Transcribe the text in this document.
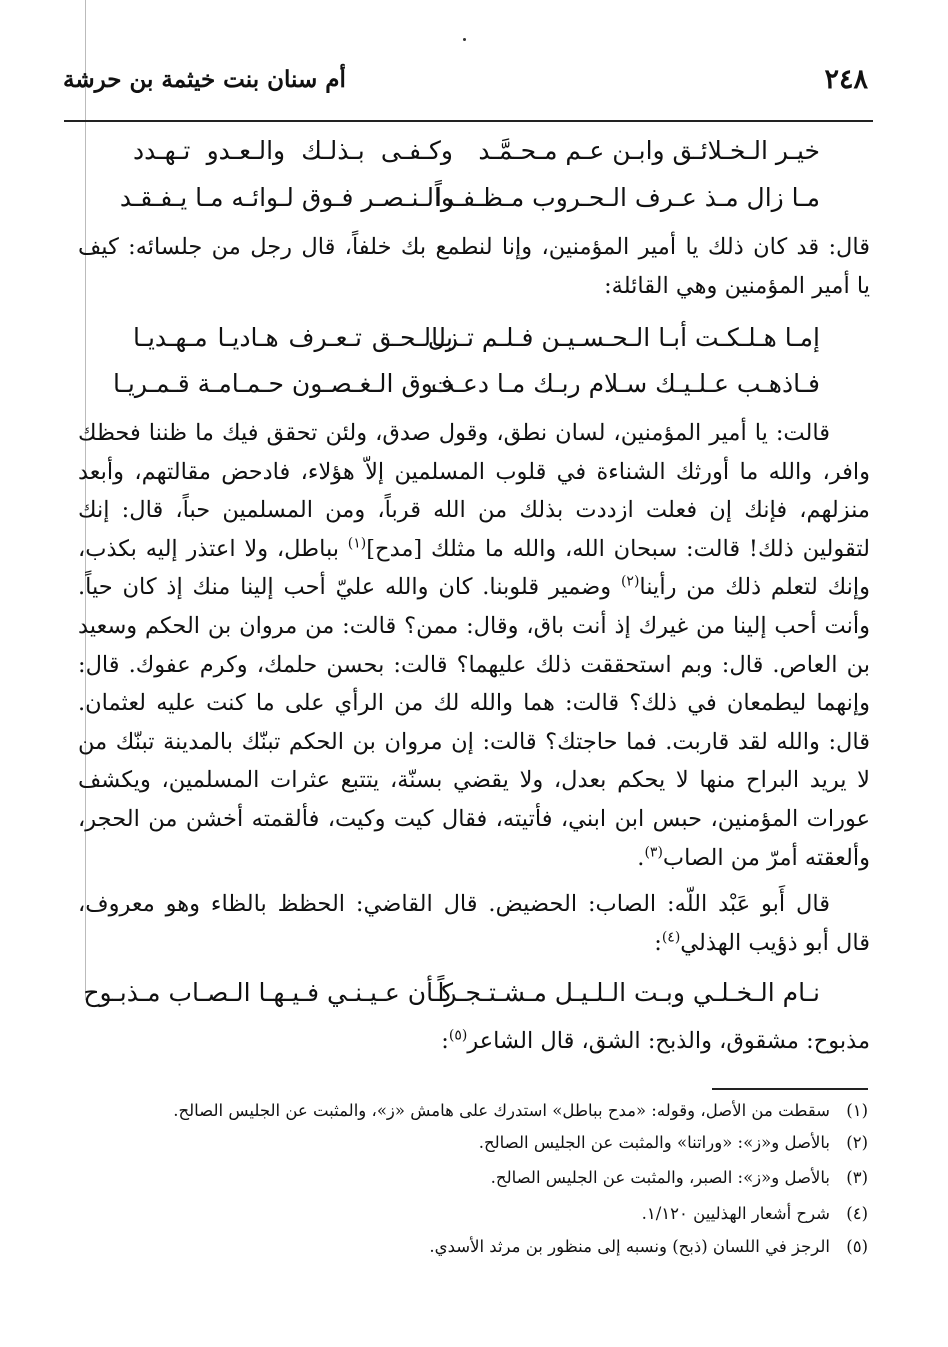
٢٤٨
أم سنان بنت خيثمة بن حرشة
خيـر الـخـلائـق وابـن عـم مـحـمَّـد
وكـفـى بـذلـك والـعـدو تـهـدد
مـا زال مـذ عـرف الـحـروب مـظـفـراً
والـنـصـر فـوق لـوائـه مـا يـفـقـد

قال: قد كان ذلك يا أمير المؤمنين، وإنا لنطمع بك خلفاً، قال رجل من جلسائه: كيف

يا أمير المؤمنين وهي القائلة:

إمـا هـلـكـت أبـا الـحـسـيـن فـلـم تـزل
بـالـحـق تـعـرف هـاديـا مـهـديـا
فـاذهـب عـلـيـك سـلام ربـك مـا دعـت
فـوق الـغـصـون حـمـامـة قـمـريـا

قالت: يا أمير المؤمنين، لسان نطق، وقول صدق، ولئن تحقق فيك ما ظننا فحظك وافر، والله ما أورثك الشناءة في قلوب المسلمين إلاّ هؤلاء، فادحض مقالتهم، وأبعد منزلهم، فإنك إن فعلت ازددت بذلك من الله قرباً، ومن المسلمين حباً، قال: إنك لتقولين ذلك! قالت: سبحان الله، والله ما مثلك [مدح]$^{(١)}$ بباطل، ولا اعتذر إليه بكذب، وإنك لتعلم ذلك من رأينا$^{(٢)}$ وضمير قلوبنا. كان والله عليّ أحب إلينا منك إذ كان حياً. وأنت أحب إلينا من غيرك إذ أنت باق، وقال: ممن؟ قالت: من مروان بن الحكم وسعيد بن العاص. قال: وبم استحققت ذلك عليهما؟ قالت: بحسن حلمك، وكرم عفوك. قال: وإنهما ليطمعان في ذلك؟ قالت: هما والله لك من الرأي على ما كنت عليه لعثمان. قال: والله لقد قاربت. فما حاجتك؟ قالت: إن مروان بن الحكم تبنّك بالمدينة تبنّك من لا يريد البراح منها لا يحكم بعدل، ولا يقضي بسنّة، يتتبع عثرات المسلمين، ويكشف عورات المؤمنين، حبس ابن ابني، فأتيته، فقال كيت وكيت، فألقمته أخشن من الحجر، وألعقته أمرّ من الصاب$^{(٣)}$.

قال أَبو عَبْد اللّه: الصاب: الحضيض. قال القاضي: الحظظ بالظاء وهو معروف، قال أبو ذؤيب الهذلي$^{(٤)}$:

نـام الـخـلـي وبـت الـلـيـل مـشـتـجـراً
كـأن عـيـنـي فـيـهـا الـصـاب مـذبـوح

مذبوح: مشقوق، والذبح: الشق، قال الشاعر$^{(٥)}$:

(١)سقطت من الأصل، وقوله: «مدح بباطل» استدرك على هامش «ز»، والمثبت عن الجليس الصالح.
(٢)بالأصل و«ز»: «وراتنا» والمثبت عن الجليس الصالح.
(٣)بالأصل و«ز»: الصبر، والمثبت عن الجليس الصالح.
(٤)شرح أشعار الهذليين ١/١٢٠.
(٥)الرجز في اللسان (ذبح) ونسبه إلى منظور بن مرثد الأسدي.
